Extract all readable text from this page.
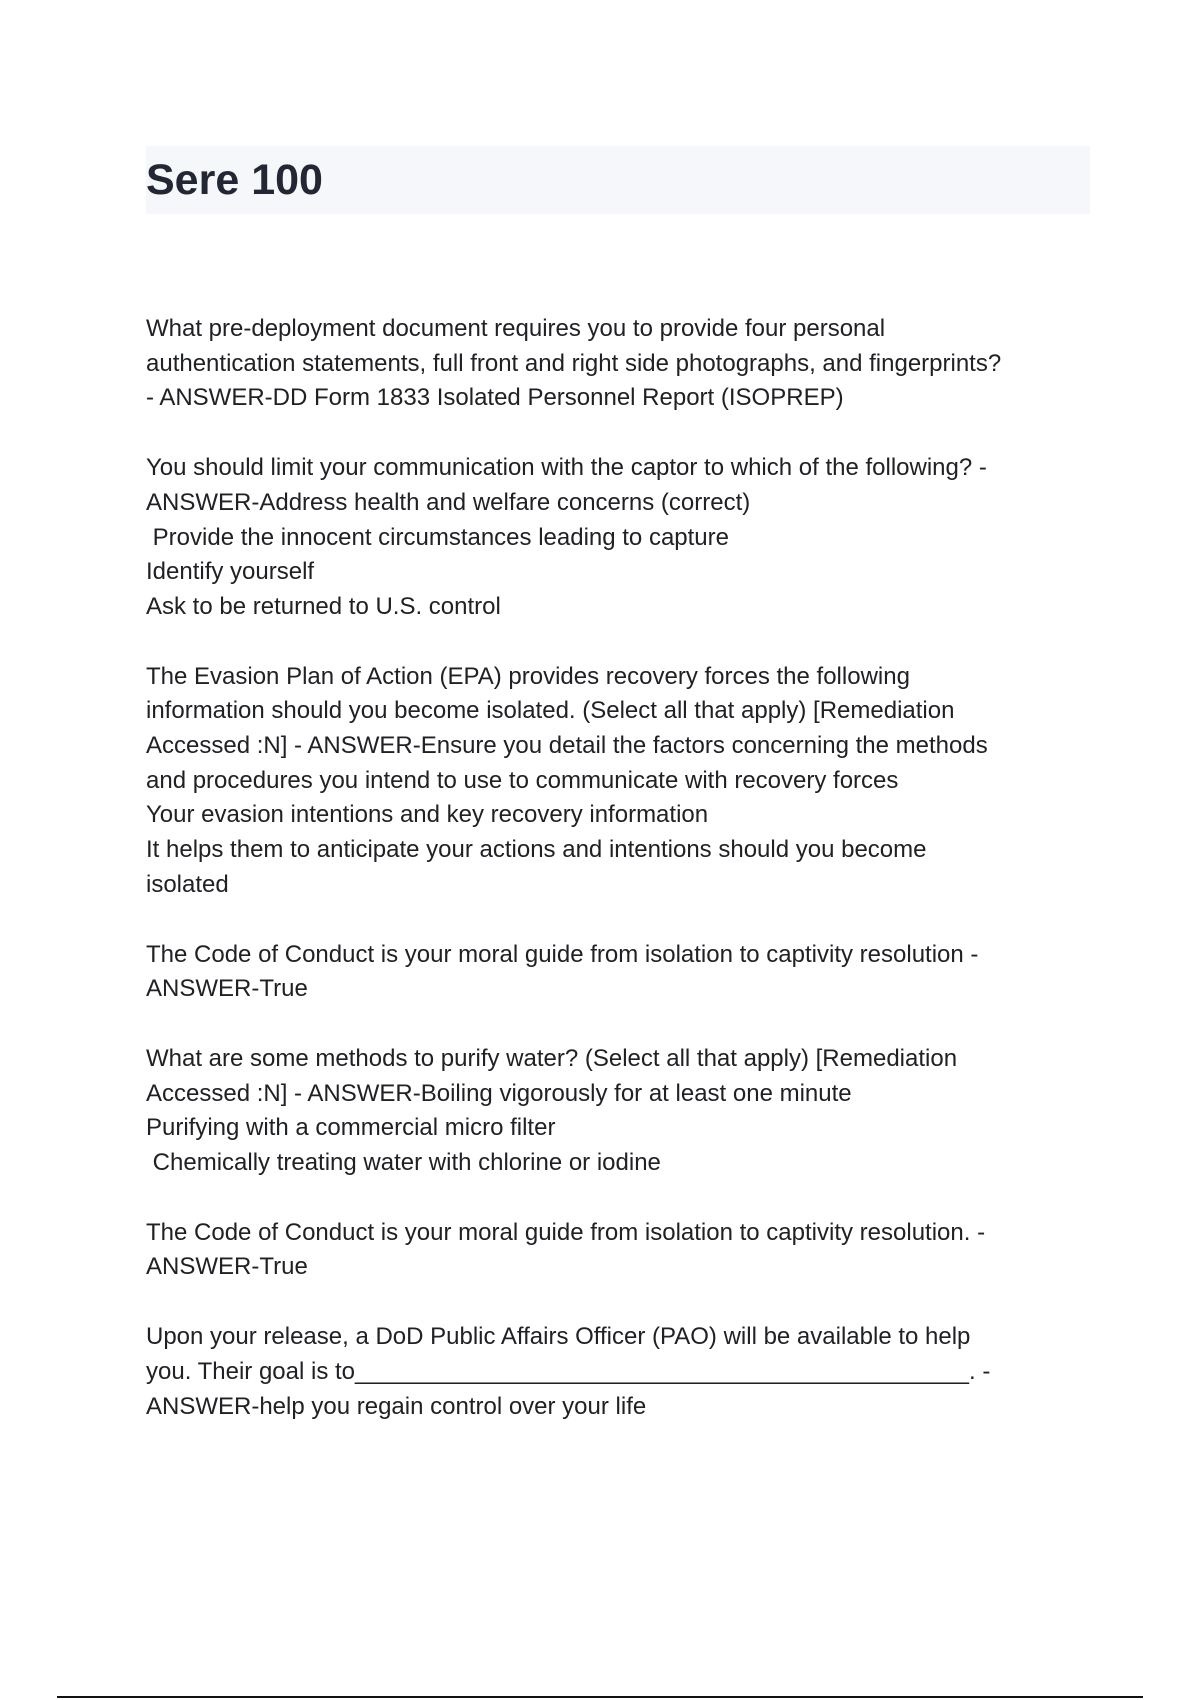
Sere 100
What pre-deployment document requires you to provide four personal
authentication statements, full front and right side photographs, and fingerprints?
- ANSWER-DD Form 1833 Isolated Personnel Report (ISOPREP)
You should limit your communication with the captor to which of the following? -
ANSWER-Address health and welfare concerns (correct)
Provide the innocent circumstances leading to capture
Identify yourself
Ask to be returned to U.S. control
The Evasion Plan of Action (EPA) provides recovery forces the following
information should you become isolated. (Select all that apply) [Remediation
Accessed :N] - ANSWER-Ensure you detail the factors concerning the methods
and procedures you intend to use to communicate with recovery forces
Your evasion intentions and key recovery information
It helps them to anticipate your actions and intentions should you become
isolated
The Code of Conduct is your moral guide from isolation to captivity resolution -
ANSWER-True
What are some methods to purify water? (Select all that apply) [Remediation
Accessed :N] - ANSWER-Boiling vigorously for at least one minute
Purifying with a commercial micro filter
Chemically treating water with chlorine or iodine
The Code of Conduct is your moral guide from isolation to captivity resolution. -
ANSWER-True
Upon your release, a DoD Public Affairs Officer (PAO) will be available to help
you. Their goal is to______________________________________________. -
ANSWER-help you regain control over your life
